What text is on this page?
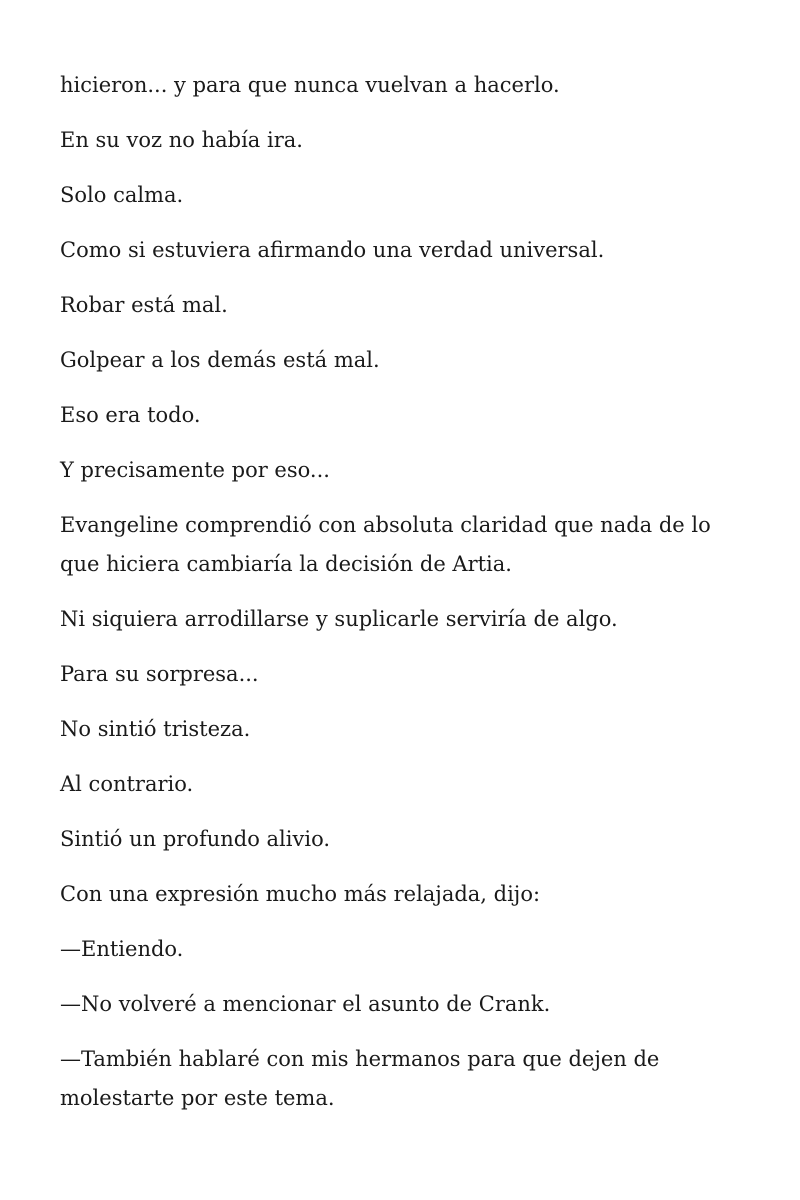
hicieron... y para que nunca vuelvan a hacerlo.

En su voz no había ira.

Solo calma.

Como si estuviera afirmando una verdad universal.

Robar está mal.

Golpear a los demás está mal.

Eso era todo.

Y precisamente por eso...

Evangeline comprendió con absoluta claridad que nada de lo que hiciera cambiaría la decisión de Artia.

Ni siquiera arrodillarse y suplicarle serviría de algo.

Para su sorpresa...

No sintió tristeza.

Al contrario.

Sintió un profundo alivio.

Con una expresión mucho más relajada, dijo:

—Entiendo.

—No volveré a mencionar el asunto de Crank.

—También hablaré con mis hermanos para que dejen de molestarte por este tema.
